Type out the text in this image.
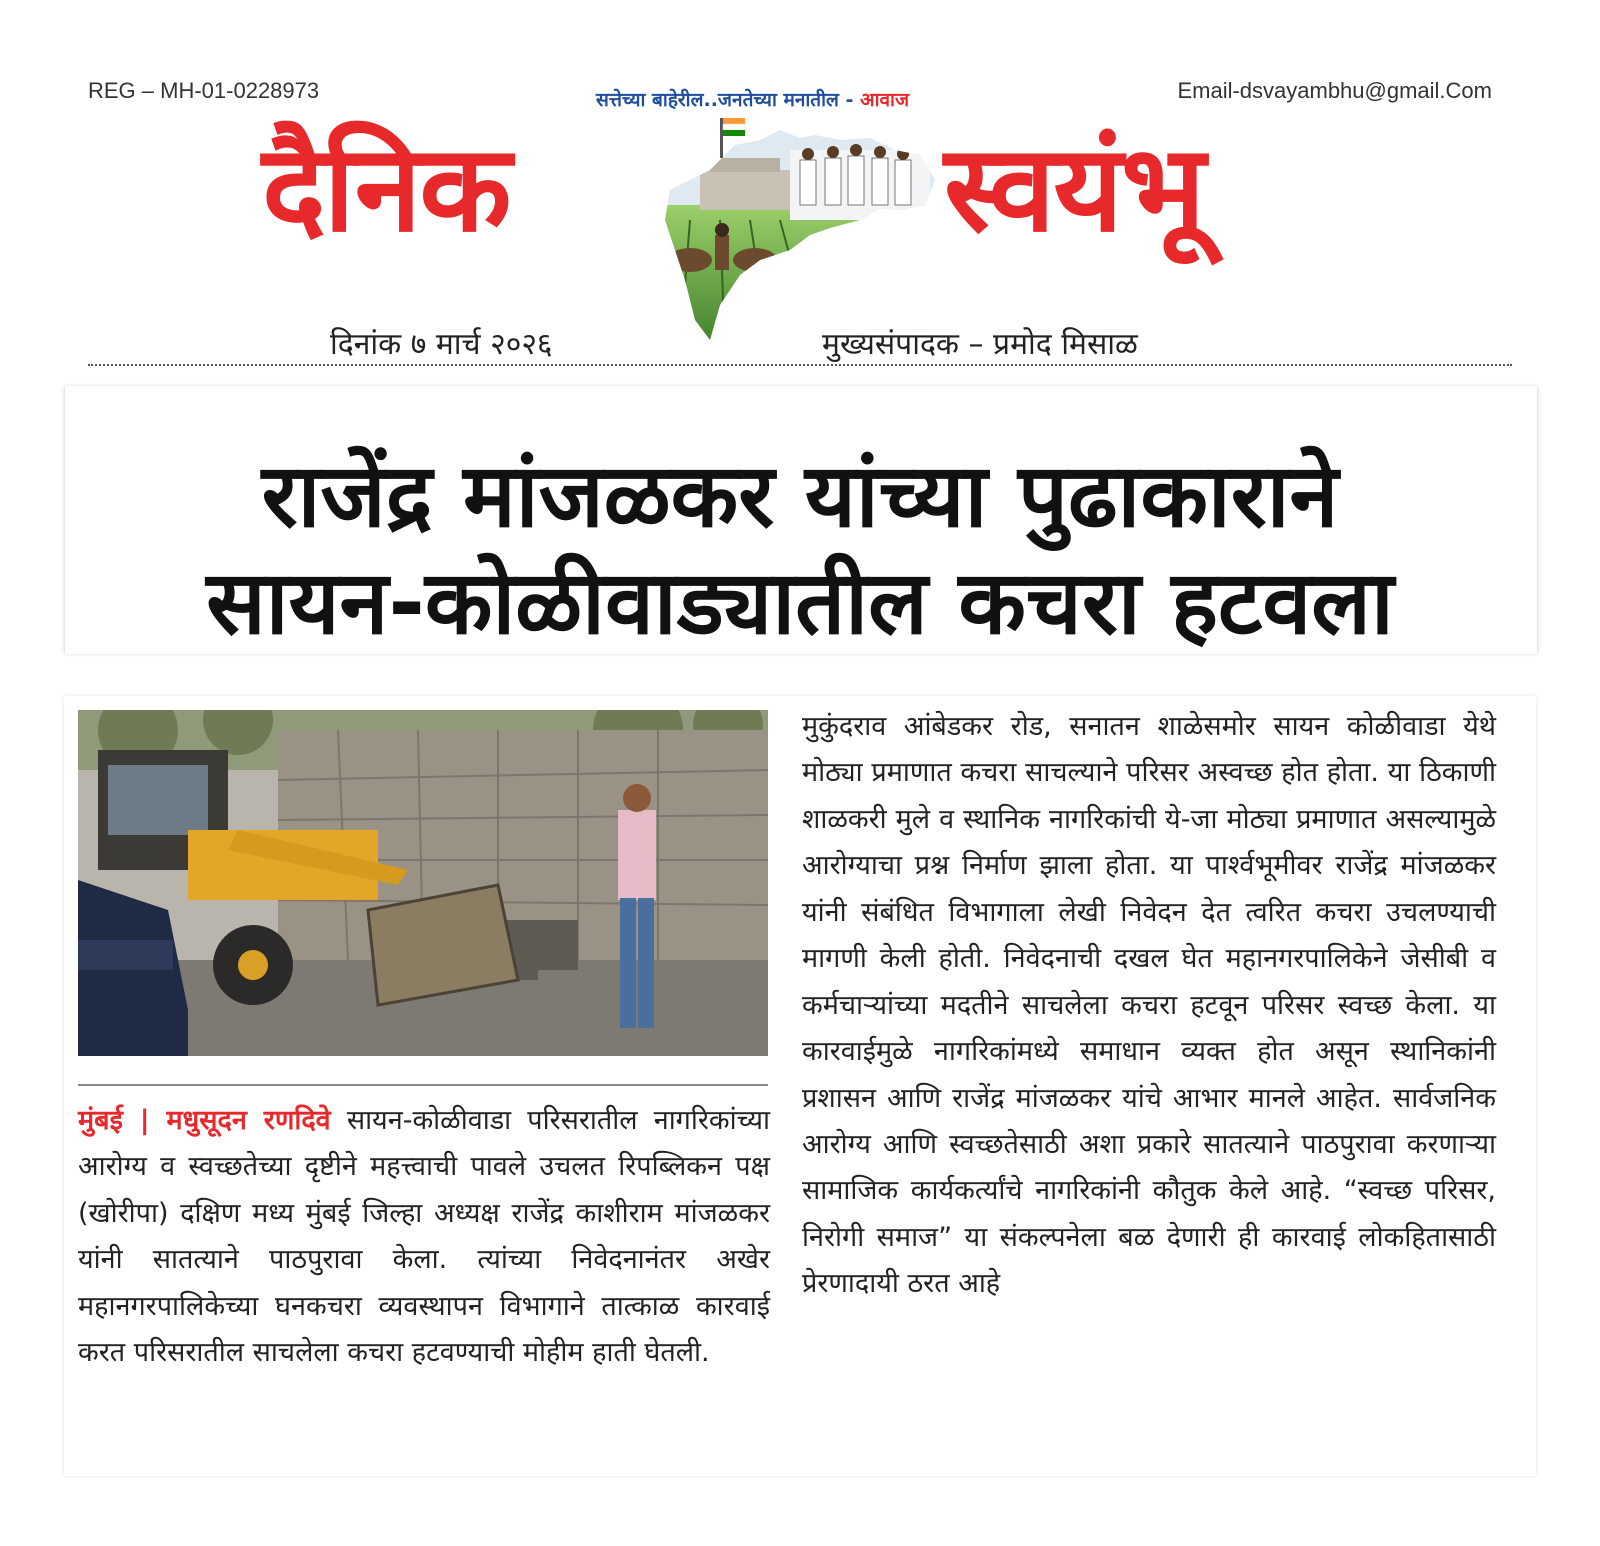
REG – MH-01-0228973	सत्तेच्या बाहेरील..जनतेच्या मनातील - आवाज	Email-dsvayambhu@gmail.Com
दैनिक	स्वयंभू
दिनांक ७ मार्च २०२६	मुख्यसंपादक – प्रमोद मिसाळ
राजेंद्र मांजळकर यांच्या पुढाकाराने
सायन-कोळीवाड्यातील कचरा हटवला
मुंबई | मधुसूदन रणदिवे सायन-कोळीवाडा परिसरातील नागरिकांच्या आरोग्य व स्वच्छतेच्या दृष्टीने महत्त्वाची पावले उचलत रिपब्लिकन पक्ष (खोरीपा) दक्षिण मध्य मुंबई जिल्हा अध्यक्ष राजेंद्र काशीराम मांजळकर यांनी सातत्याने पाठपुरावा केला. त्यांच्या निवेदनानंतर अखेर महानगरपालिकेच्या घनकचरा व्यवस्थापन विभागाने तात्काळ कारवाई करत परिसरातील साचलेला कचरा हटवण्याची मोहीम हाती घेतली.
मुकुंदराव आंबेडकर रोड, सनातन शाळेसमोर सायन कोळीवाडा येथे मोठ्या प्रमाणात कचरा साचल्याने परिसर अस्वच्छ होत होता. या ठिकाणी शाळकरी मुले व स्थानिक नागरिकांची ये-जा मोठ्या प्रमाणात असल्यामुळे आरोग्याचा प्रश्न निर्माण झाला होता. या पार्श्वभूमीवर राजेंद्र मांजळकर यांनी संबंधित विभागाला लेखी निवेदन देत त्वरित कचरा उचलण्याची मागणी केली होती. निवेदनाची दखल घेत महानगरपालिकेने जेसीबी व कर्मचाऱ्यांच्या मदतीने साचलेला कचरा हटवून परिसर स्वच्छ केला. या कारवाईमुळे नागरिकांमध्ये समाधान व्यक्त होत असून स्थानिकांनी प्रशासन आणि राजेंद्र मांजळकर यांचे आभार मानले आहेत. सार्वजनिक आरोग्य आणि स्वच्छतेसाठी अशा प्रकारे सातत्याने पाठपुरावा करणाऱ्या सामाजिक कार्यकर्त्यांचे नागरिकांनी कौतुक केले आहे. “स्वच्छ परिसर, निरोगी समाज” या संकल्पनेला बळ देणारी ही कारवाई लोकहितासाठी प्रेरणादायी ठरत आहे
